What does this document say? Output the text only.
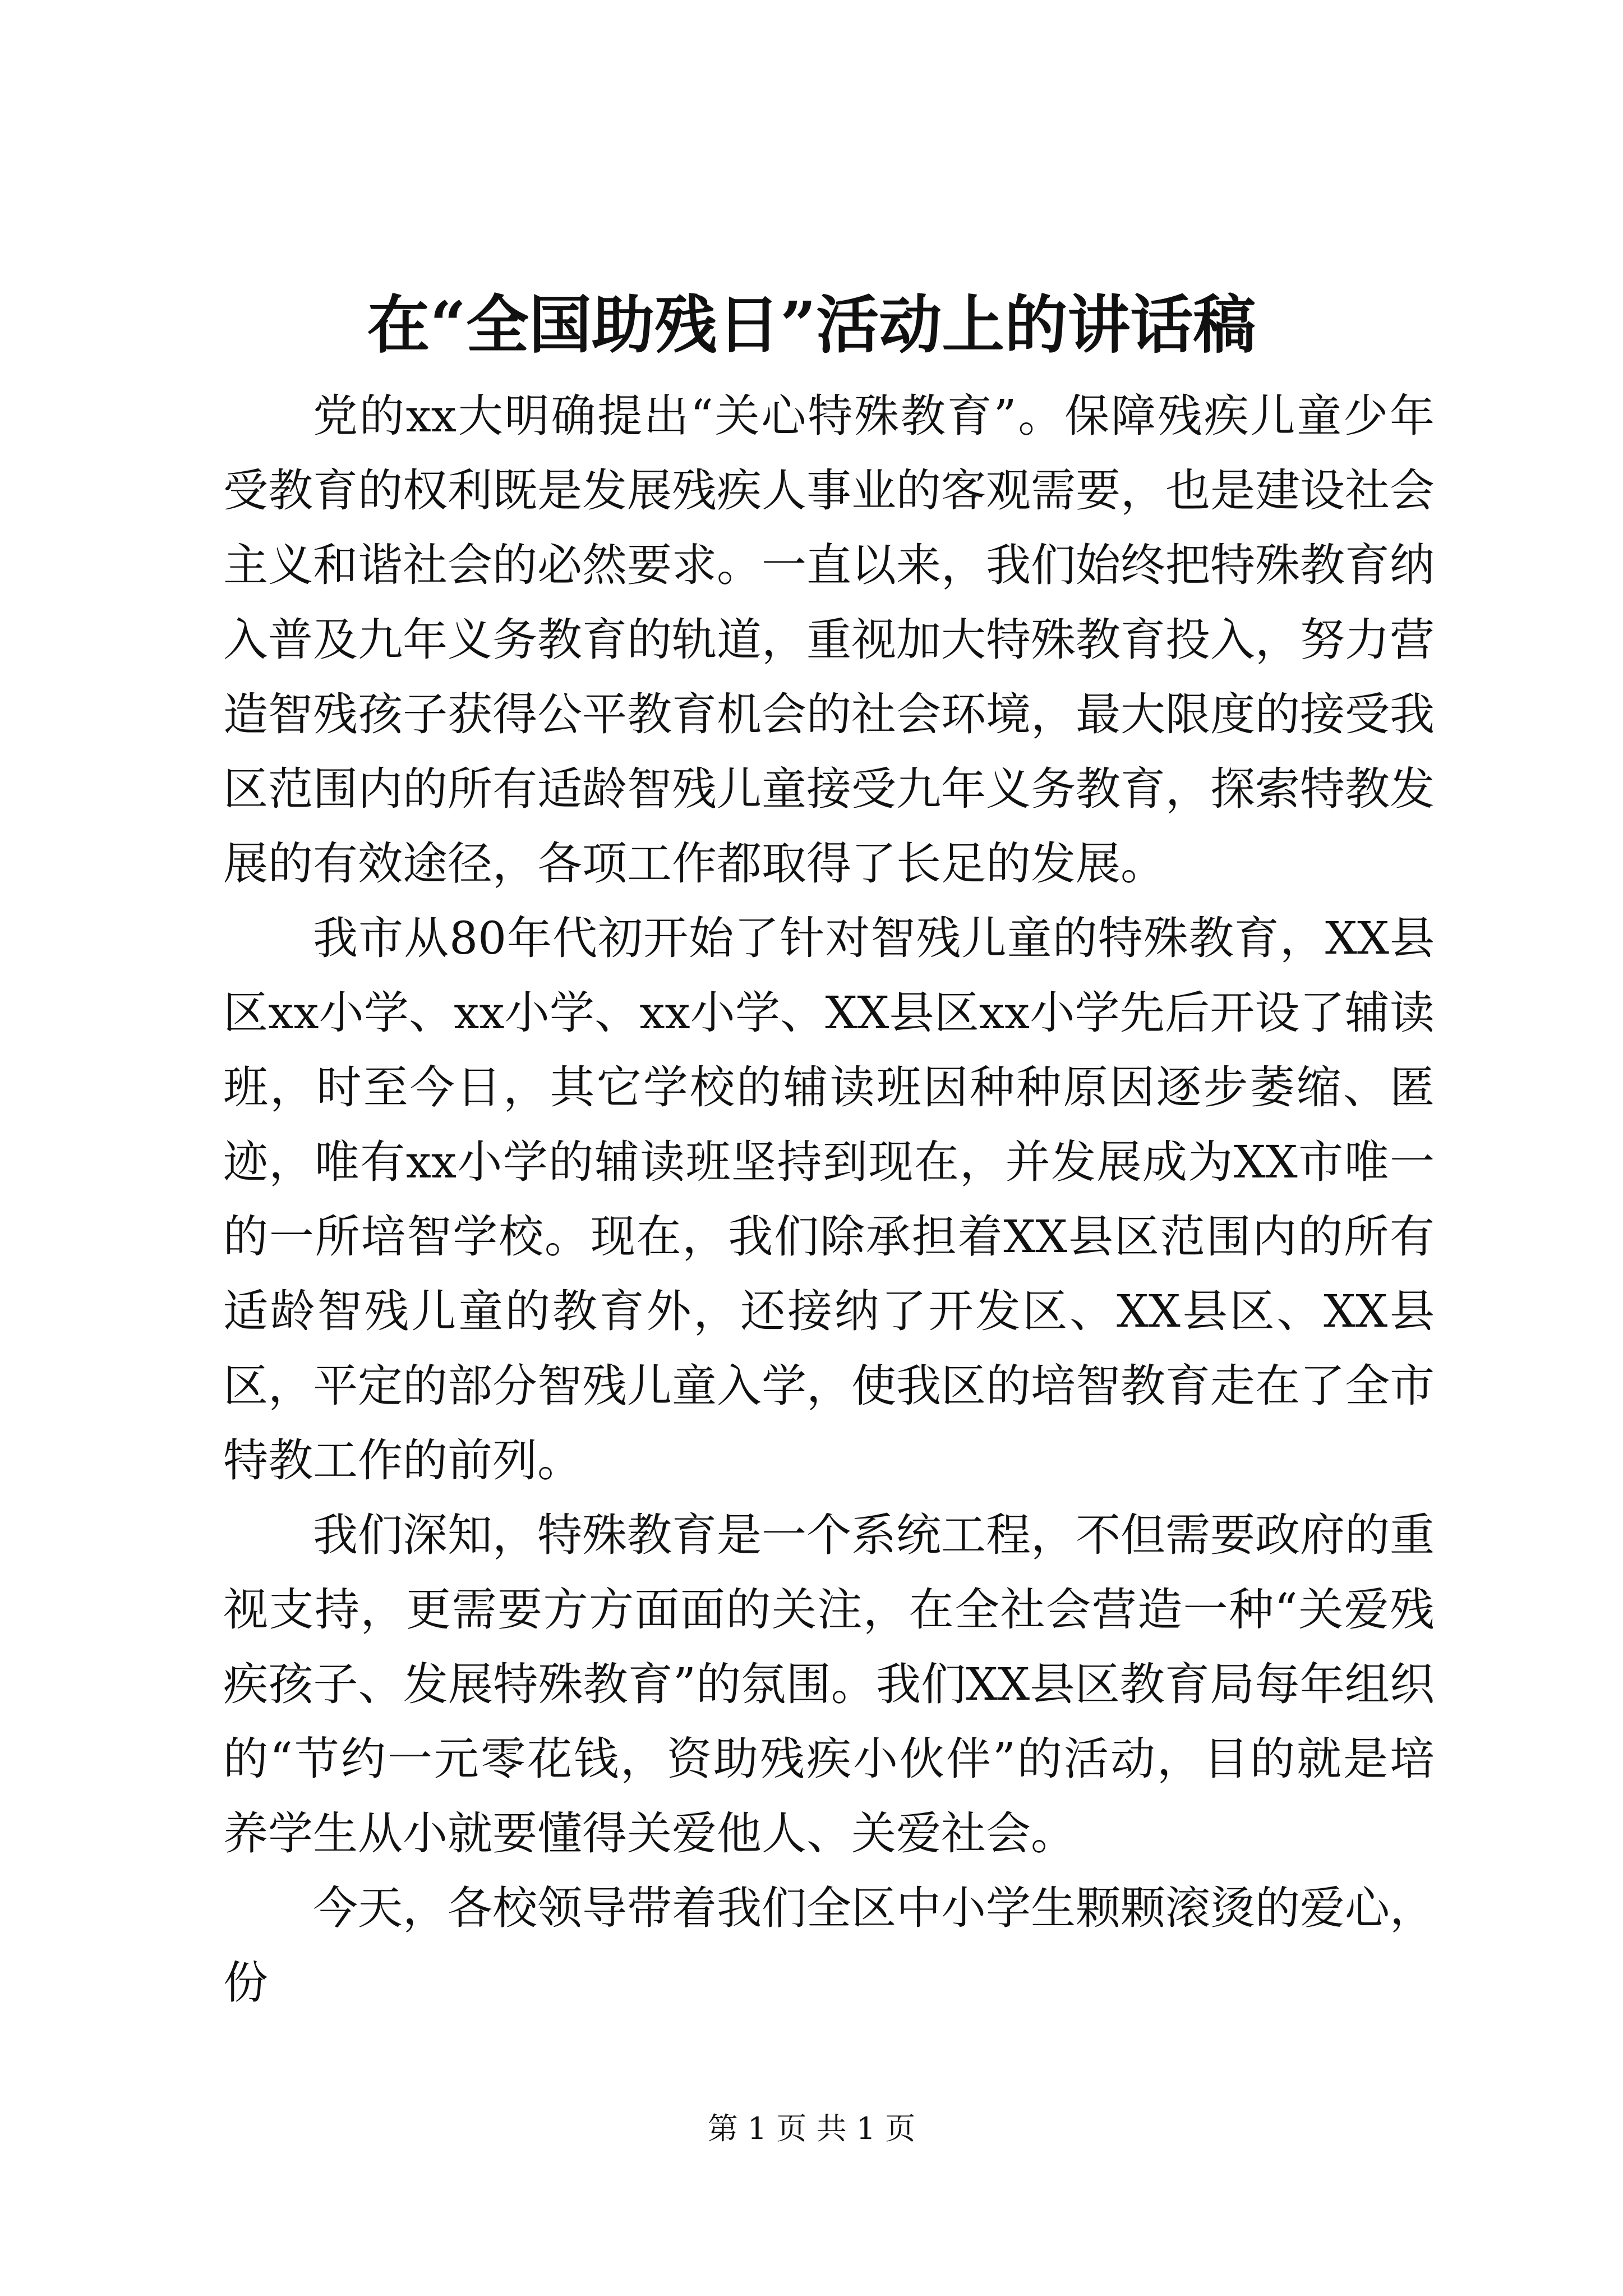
在“全国助残日”活动上的讲话稿

党的xx大明确提出“关心特殊教育”。保障残疾儿童少年受教育的权利既是发展残疾人事业的客观需要，也是建设社会主义和谐社会的必然要求。一直以来，我们始终把特殊教育纳入普及九年义务教育的轨道，重视加大特殊教育投入，努力营造智残孩子获得公平教育机会的社会环境，最大限度的接受我区范围内的所有适龄智残儿童接受九年义务教育，探索特教发展的有效途径，各项工作都取得了长足的发展。

我市从80年代初开始了针对智残儿童的特殊教育，XX县区xx小学、xx小学、xx小学、XX县区xx小学先后开设了辅读班，时至今日，其它学校的辅读班因种种原因逐步萎缩、匿迹，唯有xx小学的辅读班坚持到现在，并发展成为XX市唯一的一所培智学校。现在，我们除承担着XX县区范围内的所有适龄智残儿童的教育外，还接纳了开发区、XX县区、XX县区，平定的部分智残儿童入学，使我区的培智教育走在了全市特教工作的前列。

我们深知，特殊教育是一个系统工程，不但需要政府的重视支持，更需要方方面面的关注，在全社会营造一种“关爱残疾孩子、发展特殊教育”的氛围。我们XX县区教育局每年组织的“节约一元零花钱，资助残疾小伙伴”的活动，目的就是培养学生从小就要懂得关爱他人、关爱社会。

今天，各校领导带着我们全区中小学生颗颗滚烫的爱心，份

第 1 页 共 1 页
